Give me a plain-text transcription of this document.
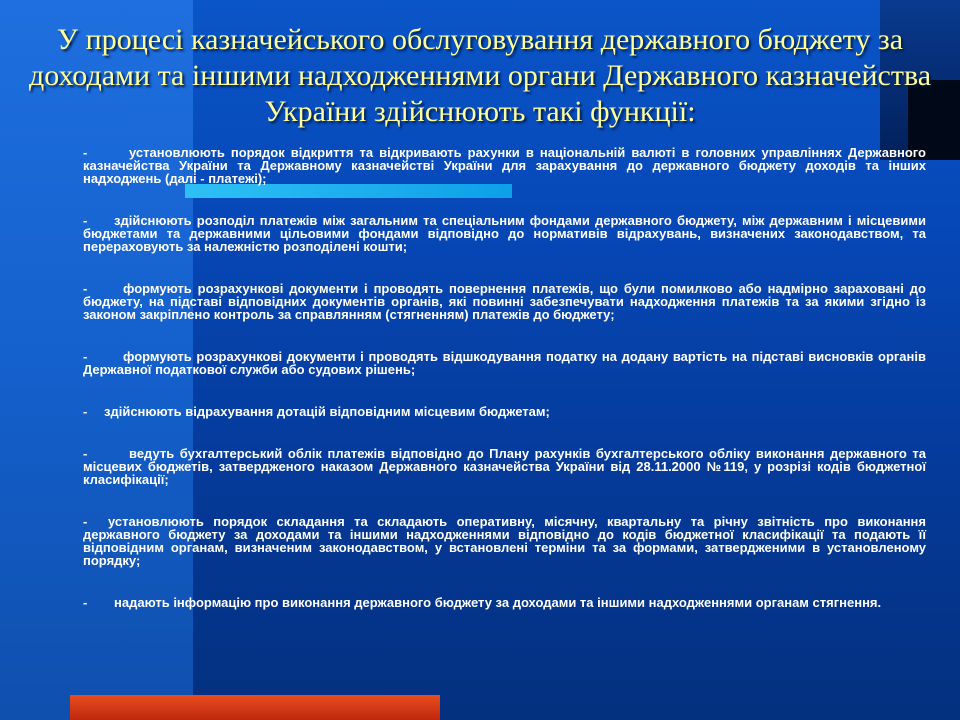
У процесі казначейського обслуговування державного бюджету за доходами та іншими надходженнями органи Державного казначейства України здійснюють такі функції:

-	установлюють порядок відкриття та відкривають рахунки в національній валюті в головних управліннях Державного казначейства України та Державному казначействі України для зарахування до державного бюджету доходів та інших надходжень (далі - платежі);

- здійснюють розподіл платежів між загальним та спеціальним фондами державного бюджету, між державним і місцевими бюджетами та державними цільовими фондами відповідно до нормативів відрахувань, визначених законодавством, та перераховують за належністю розподілені кошти;

-	формують розрахункові документи і проводять повернення платежів, що були помилково або надмірно зараховані до бюджету, на підставі відповідних документів органів, які повинні забезпечувати надходження платежів та за якими згідно із законом закріплено контроль за справлянням (стягненням) платежів до бюджету;

-	формують розрахункові документи і проводять відшкодування податку на додану вартість на підставі висновків органів Державної податкової служби або судових рішень;

- здійснюють відрахування дотацій відповідним місцевим бюджетам;

-	ведуть бухгалтерський облік платежів відповідно до Плану рахунків бухгалтерського обліку виконання державного та місцевих бюджетів, затвердженого наказом Державного казначейства України від 28.11.2000 №119, у розрізі кодів бюджетної класифікації;

- установлюють порядок складання та складають оперативну, місячну, квартальну та річну звітність про виконання державного бюджету за доходами та іншими надходженнями відповідно до кодів бюджетної класифікації та подають її відповідним органам, визначеним законодавством, у встановлені терміни та за формами, затвердженими в установленому порядку;

- надають інформацію про виконання державного бюджету за доходами та іншими надходженнями органам стягнення.
